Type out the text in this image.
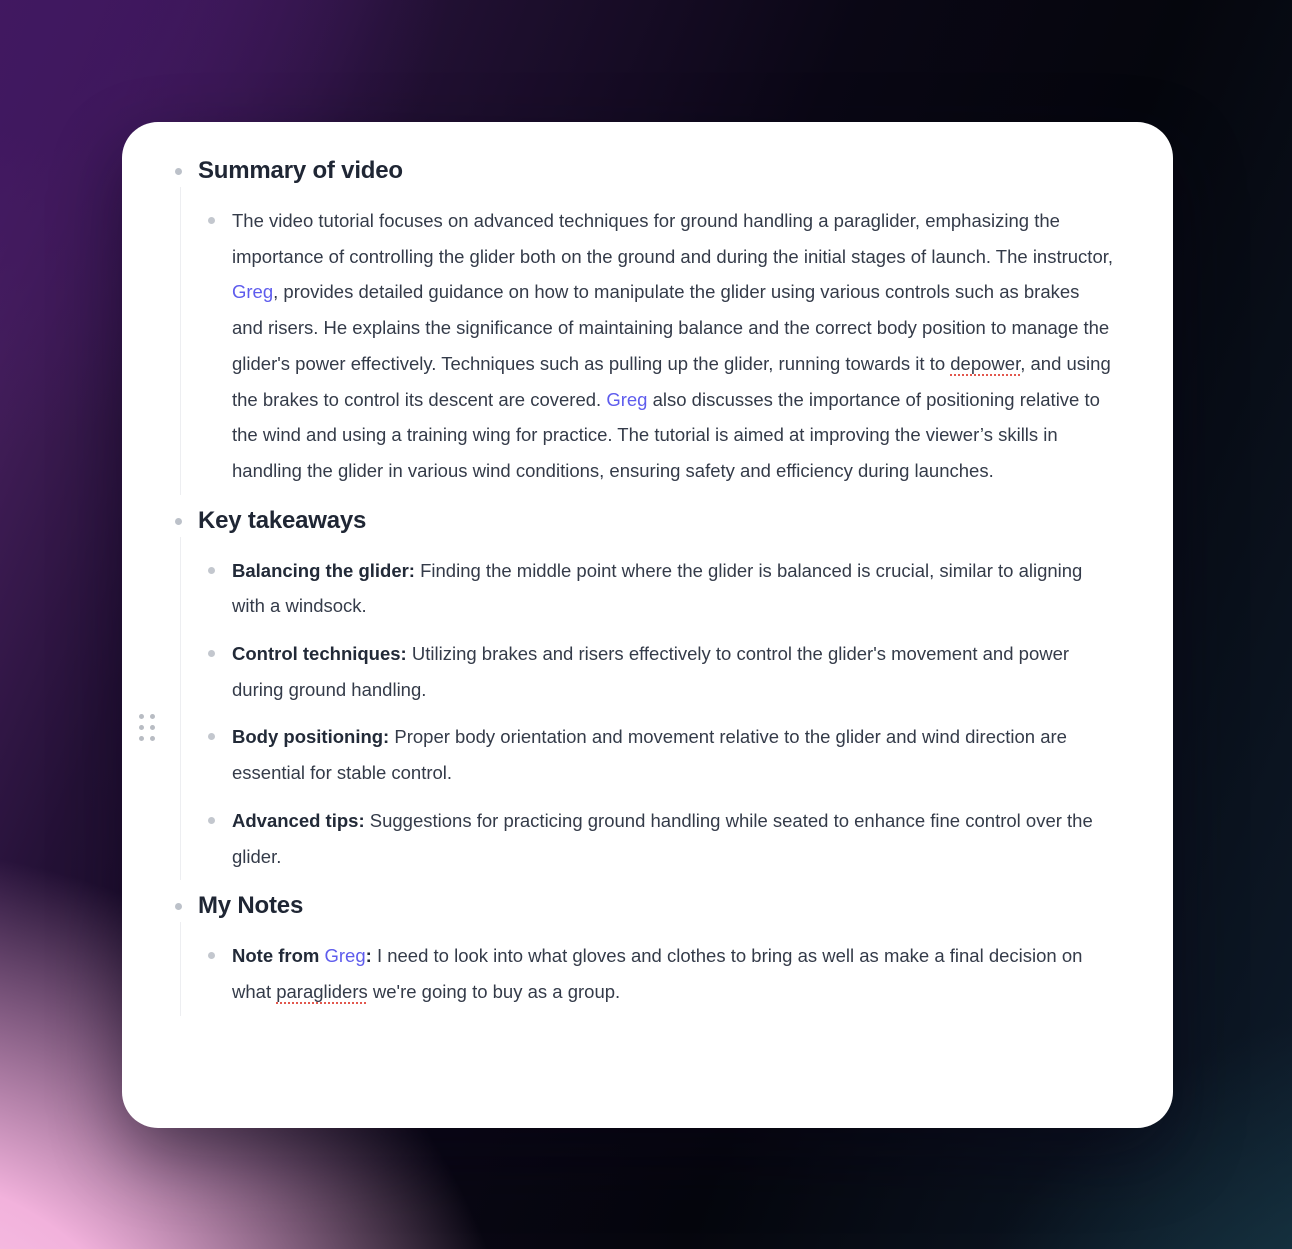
Summary of video

The video tutorial focuses on advanced techniques for ground handling a paraglider, emphasizing the importance of controlling the glider both on the ground and during the initial stages of launch. The instructor, Greg, provides detailed guidance on how to manipulate the glider using various controls such as brakes and risers. He explains the significance of maintaining balance and the correct body position to manage the glider's power effectively. Techniques such as pulling up the glider, running towards it to depower, and using the brakes to control its descent are covered. Greg also discusses the importance of positioning relative to the wind and using a training wing for practice. The tutorial is aimed at improving the viewer’s skills in handling the glider in various wind conditions, ensuring safety and efficiency during launches.

Key takeaways

Balancing the glider: Finding the middle point where the glider is balanced is crucial, similar to aligning with a windsock.

Control techniques: Utilizing brakes and risers effectively to control the glider's movement and power during ground handling.

Body positioning: Proper body orientation and movement relative to the glider and wind direction are essential for stable control.

Advanced tips: Suggestions for practicing ground handling while seated to enhance fine control over the glider.

My Notes

Note from Greg: I need to look into what gloves and clothes to bring as well as make a final decision on what paragliders we're going to buy as a group.
